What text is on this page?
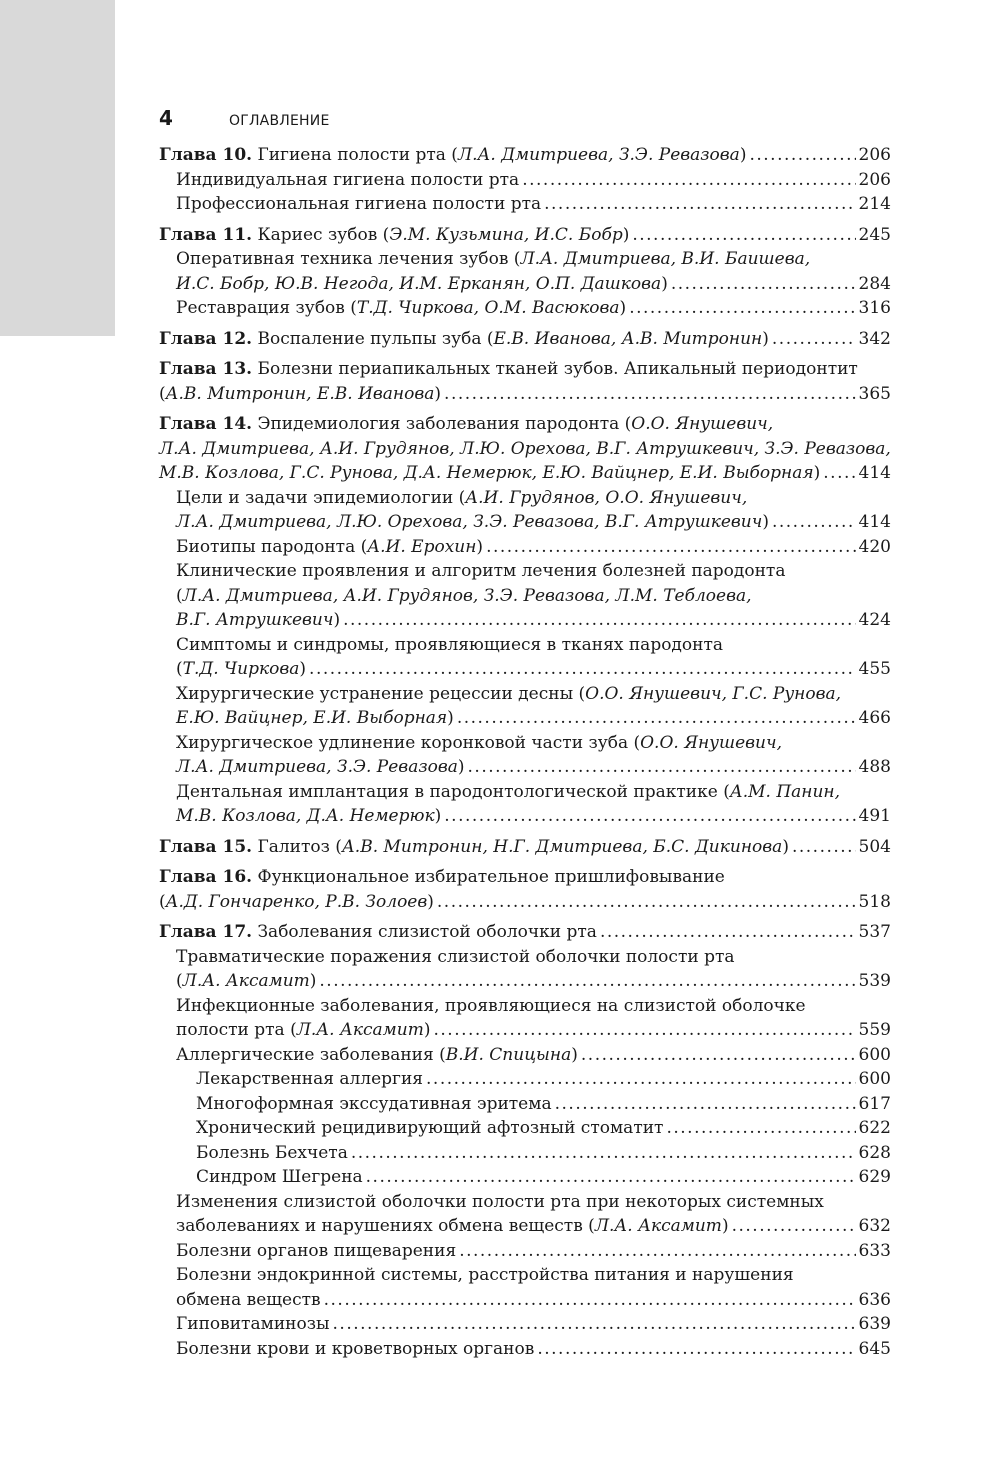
4	ОГЛАВЛЕНИЕ
Глава 10. Гигиена полости рта (Л.А. Дмитриева, З.Э. Ревазова) .....	206
Индивидуальная гигиена полости рта .....	206
Профессиональная гигиена полости рта .....	214
Глава 11. Кариес зубов (Э.М. Кузьмина, И.С. Бобр) .....	245
Оперативная техника лечения зубов (Л.А. Дмитриева, В.И. Баишева,
И.С. Бобр, Ю.В. Негода, И.М. Ерканян, О.П. Дашкова) .....	284
Реставрация зубов (Т.Д. Чиркова, О.М. Васюкова) .....	316
Глава 12. Воспаление пульпы зуба (Е.В. Иванова, А.В. Митронин) .....	342
Глава 13. Болезни периапикальных тканей зубов. Апикальный периодонтит
(А.В. Митронин, Е.В. Иванова) .....	365
Глава 14. Эпидемиология заболевания пародонта (О.О. Янушевич,
Л.А. Дмитриева, А.И. Грудянов, Л.Ю. Орехова, В.Г. Атрушкевич, З.Э. Ревазова,
М.В. Козлова, Г.С. Рунова, Д.А. Немерюк, Е.Ю. Вайцнер, Е.И. Выборная) ..... 414
Цели и задачи эпидемиологии (А.И. Грудянов, О.О. Янушевич,
Л.А. Дмитриева, Л.Ю. Орехова, З.Э. Ревазова, В.Г. Атрушкевич) .....	414
Биотипы пародонта (А.И. Ерохин) .....	420
Клинические проявления и алгоритм лечения болезней пародонта
(Л.А. Дмитриева, А.И. Грудянов, З.Э. Ревазова, Л.М. Теблоева,
В.Г. Атрушкевич) .....	424
Симптомы и синдромы, проявляющиеся в тканях пародонта
(Т.Д. Чиркова) .....	455
Хирургические устранение рецессии десны (О.О. Янушевич, Г.С. Рунова,
Е.Ю. Вайцнер, Е.И. Выборная) .....	466
Хирургическое удлинение коронковой части зуба (О.О. Янушевич,
Л.А. Дмитриева, З.Э. Ревазова) .....	488
Дентальная имплантация в пародонтологической практике (А.М. Панин,
М.В. Козлова, Д.А. Немерюк) .....	491
Глава 15. Галитоз (А.В. Митронин, Н.Г. Дмитриева, Б.С. Дикинова) .....	504
Глава 16. Функциональное избирательное пришлифовывание
(А.Д. Гончаренко, Р.В. Золоев) .....	518
Глава 17. Заболевания слизистой оболочки рта .....	537
Травматические поражения слизистой оболочки полости рта
(Л.А. Аксамит) .....	539
Инфекционные заболевания, проявляющиеся на слизистой оболочке
полости рта (Л.А. Аксамит) .....	559
Аллергические заболевания (В.И. Спицына) .....	600
Лекарственная аллергия .....	600
Многоформная экссудативная эритема .....	617
Хронический рецидивирующий афтозный стоматит .....	622
Болезнь Бехчета .....	628
Синдром Шегрена .....	629
Изменения слизистой оболочки полости рта при некоторых системных
заболеваниях и нарушениях обмена веществ (Л.А. Аксамит) .....	632
Болезни органов пищеварения .....	633
Болезни эндокринной системы, расстройства питания и нарушения
обмена веществ .....	636
Гиповитаминозы .....	639
Болезни крови и кроветворных органов .....	645
